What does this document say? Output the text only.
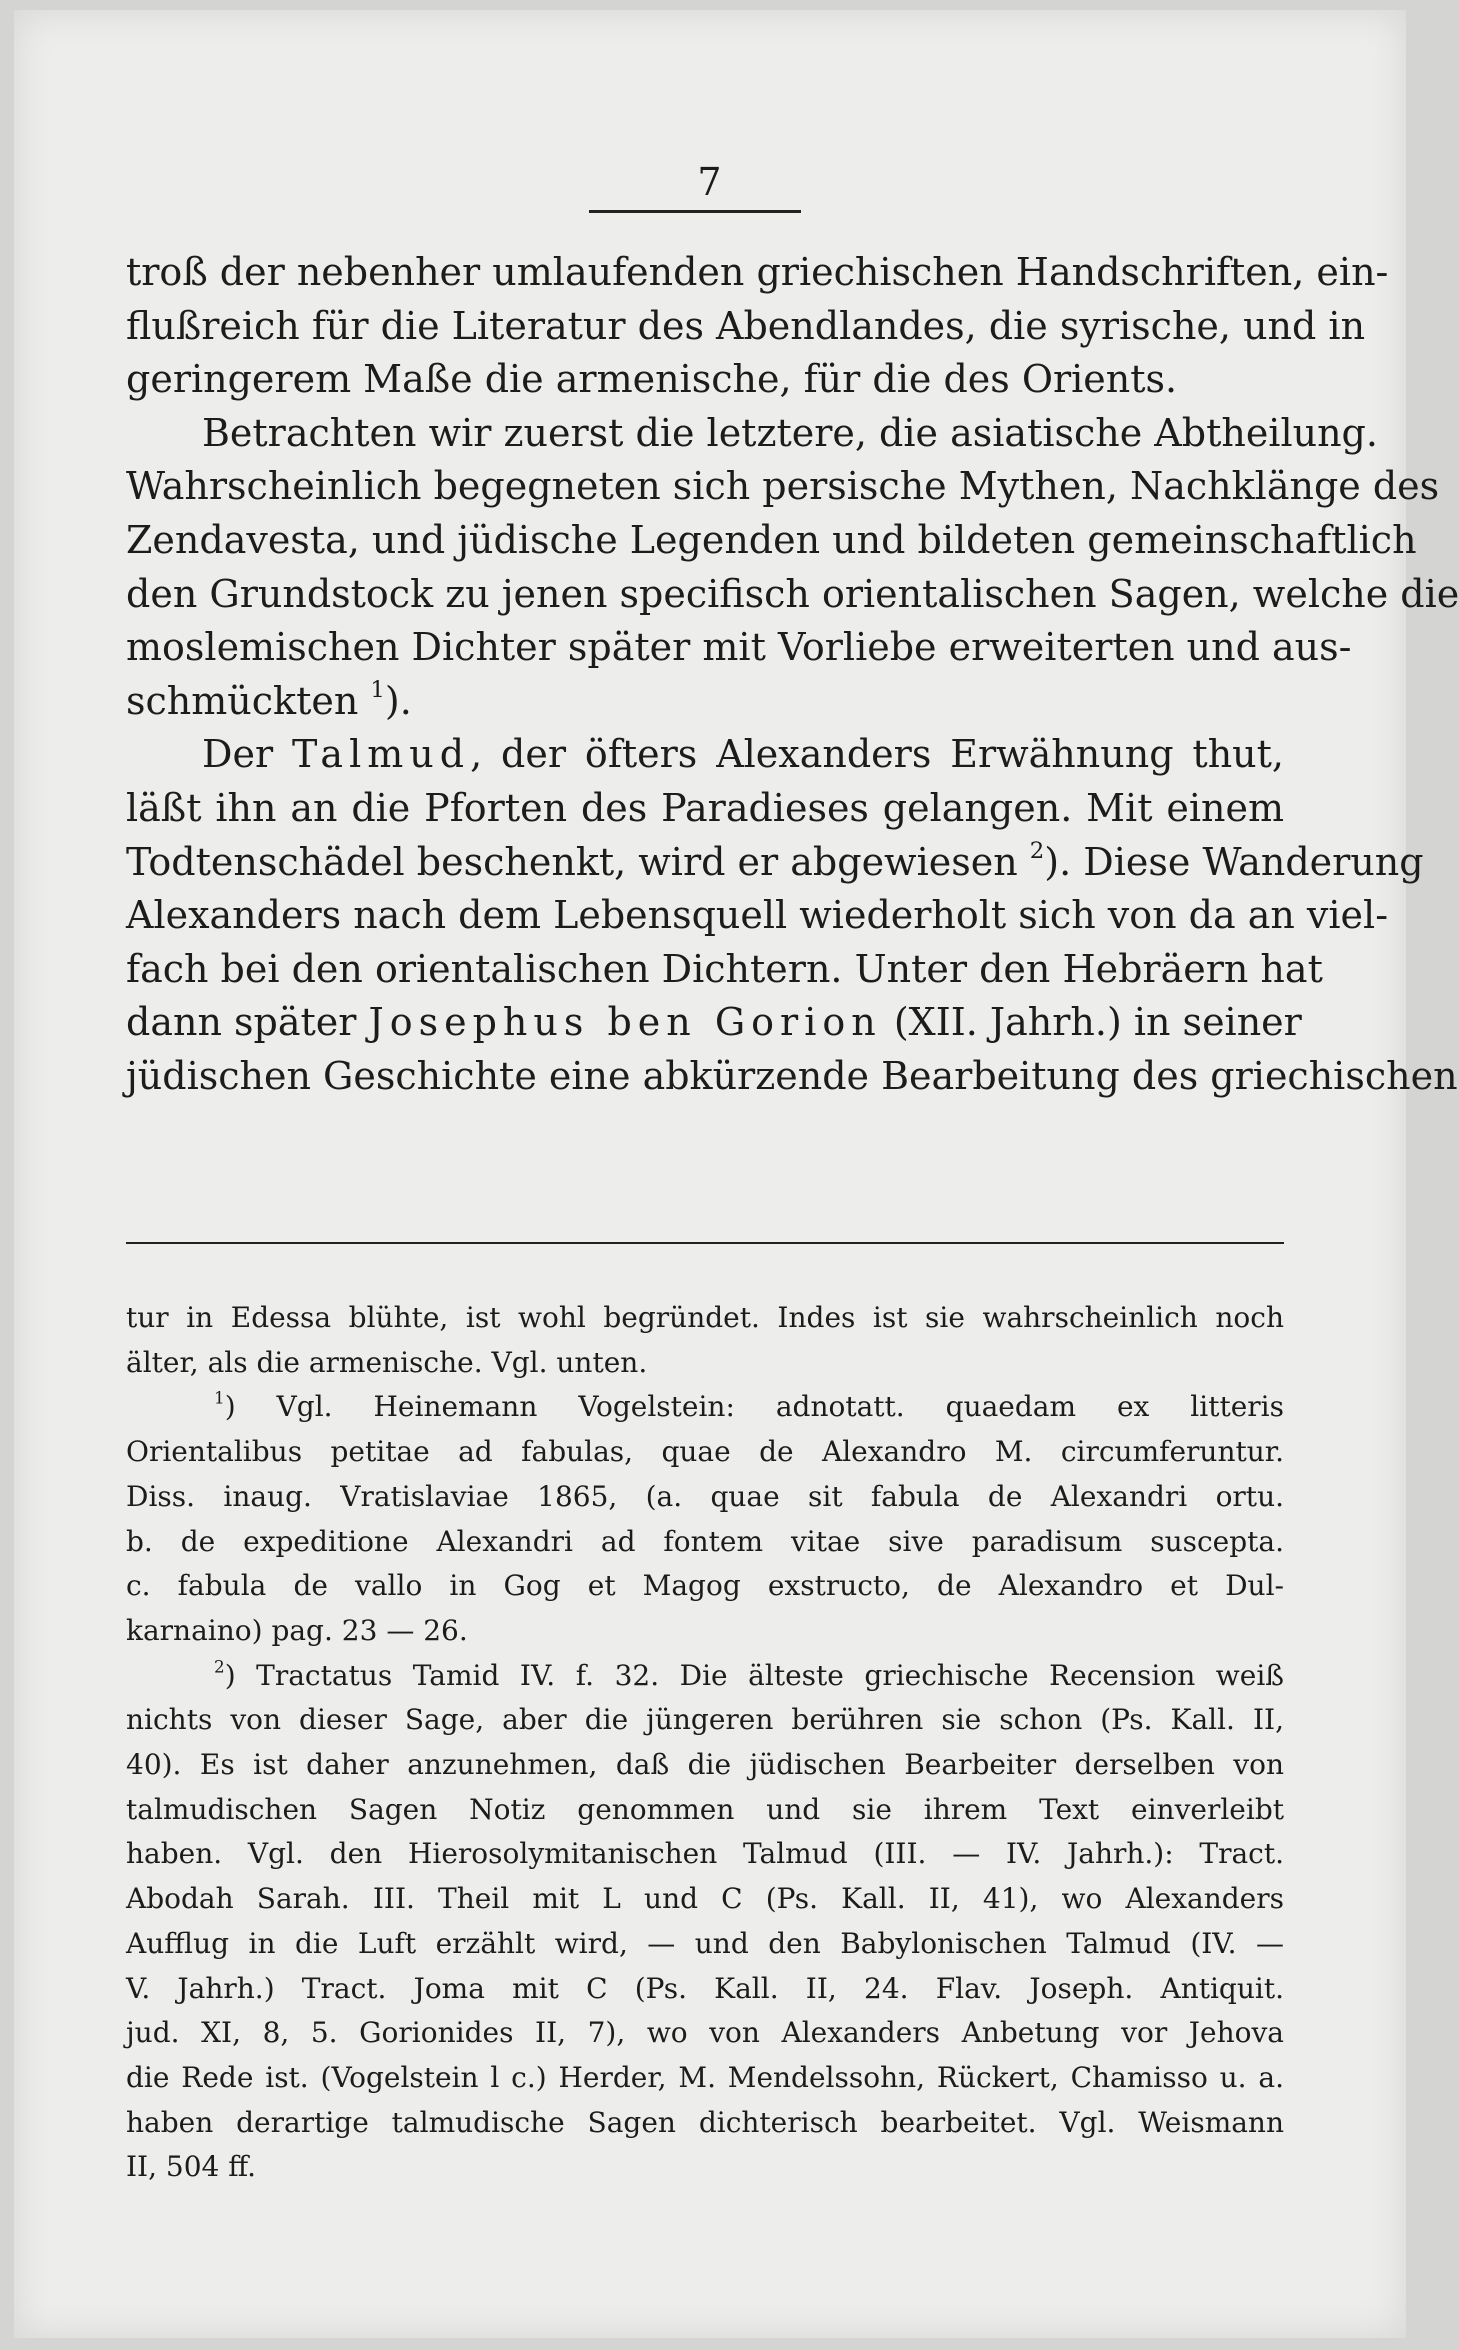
7
troß der nebenher umlaufenden griechischen Handschriften, ein-
flußreich für die Literatur des Abendlandes, die syrische, und in
geringerem Maße die armenische, für die des Orients.
Betrachten wir zuerst die letztere, die asiatische Abtheilung.
Wahrscheinlich begegneten sich persische Mythen, Nachklänge des
Zendavesta, und jüdische Legenden und bildeten gemeinschaftlich
den Grundstock zu jenen specifisch orientalischen Sagen, welche die
moslemischen Dichter später mit Vorliebe erweiterten und aus-
schmückten $^1$).
Der Talmud, der öfters Alexanders Erwähnung thut,
läßt ihn an die Pforten des Paradieses gelangen. Mit einem
Todtenschädel beschenkt, wird er abgewiesen $^2$). Diese Wanderung
Alexanders nach dem Lebensquell wiederholt sich von da an viel-
fach bei den orientalischen Dichtern. Unter den Hebräern hat
dann später Josephus ben Gorion (XII. Jahrh.) in seiner
jüdischen Geschichte eine abkürzende Bearbeitung des griechischen
tur in Edessa blühte, ist wohl begründet. Indes ist sie wahrscheinlich noch
älter, als die armenische. Vgl. unten.
$^1$) Vgl. Heinemann Vogelstein: adnotatt. quaedam ex litteris
Orientalibus petitae ad fabulas, quae de Alexandro M. circumferuntur.
Diss. inaug. Vratislaviae 1865, (a. quae sit fabula de Alexandri ortu.
b. de expeditione Alexandri ad fontem vitae sive paradisum suscepta.
c. fabula de vallo in Gog et Magog exstructo, de Alexandro et Dul-
karnaino) pag. 23 — 26.
$^2$) Tractatus Tamid IV. f. 32. Die älteste griechische Recension weiß
nichts von dieser Sage, aber die jüngeren berühren sie schon (Ps. Kall. II,
40). Es ist daher anzunehmen, daß die jüdischen Bearbeiter derselben von
talmudischen Sagen Notiz genommen und sie ihrem Text einverleibt
haben. Vgl. den Hierosolymitanischen Talmud (III. — IV. Jahrh.): Tract.
Abodah Sarah. III. Theil mit L und C (Ps. Kall. II, 41), wo Alexanders
Aufflug in die Luft erzählt wird, — und den Babylonischen Talmud (IV. —
V. Jahrh.) Tract. Joma mit C (Ps. Kall. II, 24. Flav. Joseph. Antiquit.
jud. XI, 8, 5. Gorionides II, 7), wo von Alexanders Anbetung vor Jehova
die Rede ist. (Vogelstein l c.) Herder, M. Mendelssohn, Rückert, Chamisso u. a.
haben derartige talmudische Sagen dichterisch bearbeitet. Vgl. Weismann
II, 504 ff.
